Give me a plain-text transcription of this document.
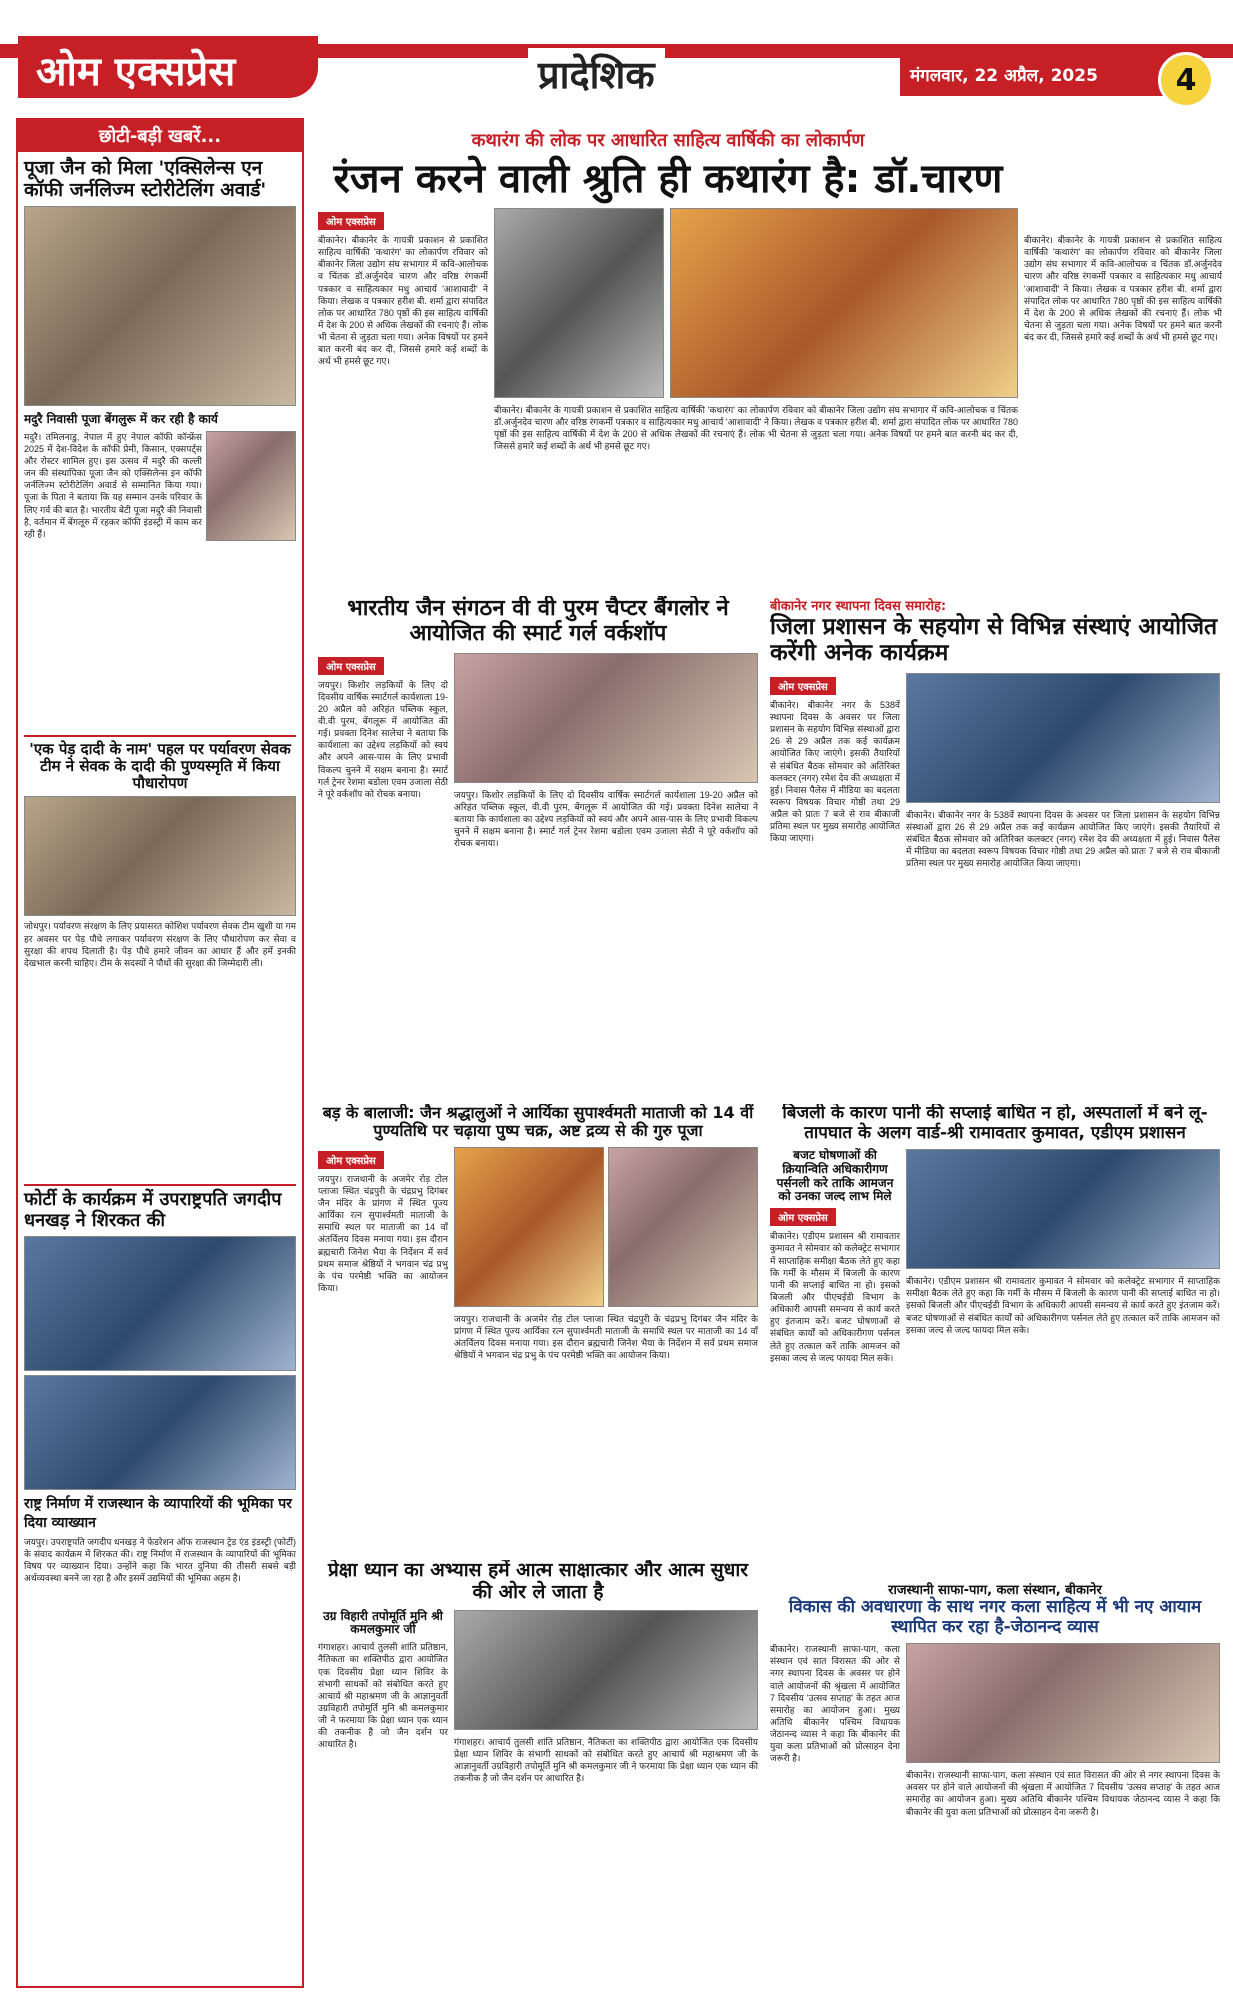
ओम एक्सप्रेस	प्रादेशिक	मंगलवार, 22 अप्रैल, 2025	4
छोटी-बड़ी खबरें...
पूजा जैन को मिला 'एक्सिलेन्स एन कॉफी जर्नलिज्म स्टोरीटेलिंग अवार्ड'
मदुरै निवासी पूजा बेंगलुरू में कर रही है कार्य
मदुरै। तमिलनाडु, नेपाल में हुए नेपाल कॉफी कॉन्फ्रेंस 2025 में देश-विदेश के कॉफी प्रेमी, किसान, एक्सपर्ट्स और रोस्टर शामिल हुए। इस उत्सव में मदुरै की कल्ली जन की संस्थापिका पूजा जैन को एक्सिलेन्स इन कॉफी जर्नलिज्म स्टोरीटेलिंग अवार्ड से सम्मानित किया गया। पूजा के पिता ने बताया कि यह सम्मान उनके परिवार के लिए गर्व की बात है। भारतीय बेटी पूजा मदुरै की निवासी है, वर्तमान में बेंगलूरु में रहकर कॉफी इंडस्ट्री में काम कर रही हैं।
'एक पेड़ दादी के नाम' पहल पर पर्यावरण सेवक टीम ने सेवक के दादी की पुण्यस्मृति में किया पौधारोपण
जोधपुर। पर्यावरण संरक्षण के लिए प्रयासरत कोशिश पर्यावरण सेवक टीम खुशी या गम हर अवसर पर पेड़ पौधे लगाकर पर्यावरण संरक्षण के लिए पौधारोपण कर सेवा व सुरक्षा की शपथ दिलाती है। पेड़ पौधे हमारे जीवन का आधार हैं और हमें इनकी देखभाल करनी चाहिए। टीम के सदस्यों ने पौधों की सुरक्षा की जिम्मेदारी ली।
फोर्टी के कार्यक्रम में उपराष्ट्रपति जगदीप धनखड़ ने शिरकत की
राष्ट्र निर्माण में राजस्थान के व्यापारियों की भूमिका पर दिया व्याख्यान
जयपुर। उपराष्ट्रपति जगदीप धनखड़ ने फेडरेशन ऑफ राजस्थान ट्रेड एंड इंडस्ट्री (फोर्टी) के संवाद कार्यक्रम में शिरकत की। राष्ट्र निर्माण में राजस्थान के व्यापारियों की भूमिका विषय पर व्याख्यान दिया। उन्होंने कहा कि भारत दुनिया की तीसरी सबसे बड़ी अर्थव्यवस्था बनने जा रहा है और इसमें उद्यमियों की भूमिका अहम है।
कथारंग की लोक पर आधारित साहित्य वार्षिकी का लोकार्पण
रंजन करने वाली श्रुति ही कथारंग है: डॉ.चारण
ओम एक्सप्रेस
बीकानेर। बीकानेर के गायत्री प्रकाशन से प्रकाशित साहित्य वार्षिकी 'कथारंग' का लोकार्पण रविवार को बीकानेर जिला उद्योग संघ सभागार में कवि-आलोचक व चिंतक डॉ.अर्जुनदेव चारण और वरिष्ठ रंगकर्मी पत्रकार व साहित्यकार मधु आचार्य 'आशावादी' ने किया। लेखक व पत्रकार हरीश बी. शर्मा द्वारा संपादित लोक पर आधारित 780 पृष्ठों की इस साहित्य वार्षिकी में देश के 200 से अधिक लेखकों की रचनाएं हैं। लोक भी चेतना से जुड़ता चला गया। अनेक विषयों पर हमने बात करनी बंद कर दी, जिससे हमारे कई शब्दों के अर्थ भी हमसे छूट गए।
बीकानेर। बीकानेर के गायत्री प्रकाशन से प्रकाशित साहित्य वार्षिकी 'कथारंग' का लोकार्पण रविवार को बीकानेर जिला उद्योग संघ सभागार में कवि-आलोचक व चिंतक डॉ.अर्जुनदेव चारण और वरिष्ठ रंगकर्मी पत्रकार व साहित्यकार मधु आचार्य 'आशावादी' ने किया। लेखक व पत्रकार हरीश बी. शर्मा द्वारा संपादित लोक पर आधारित 780 पृष्ठों की इस साहित्य वार्षिकी में देश के 200 से अधिक लेखकों की रचनाएं हैं। लोक भी चेतना से जुड़ता चला गया। अनेक विषयों पर हमने बात करनी बंद कर दी, जिससे हमारे कई शब्दों के अर्थ भी हमसे छूट गए।
बीकानेर। बीकानेर के गायत्री प्रकाशन से प्रकाशित साहित्य वार्षिकी 'कथारंग' का लोकार्पण रविवार को बीकानेर जिला उद्योग संघ सभागार में कवि-आलोचक व चिंतक डॉ.अर्जुनदेव चारण और वरिष्ठ रंगकर्मी पत्रकार व साहित्यकार मधु आचार्य 'आशावादी' ने किया। लेखक व पत्रकार हरीश बी. शर्मा द्वारा संपादित लोक पर आधारित 780 पृष्ठों की इस साहित्य वार्षिकी में देश के 200 से अधिक लेखकों की रचनाएं हैं। लोक भी चेतना से जुड़ता चला गया। अनेक विषयों पर हमने बात करनी बंद कर दी, जिससे हमारे कई शब्दों के अर्थ भी हमसे छूट गए।
भारतीय जैन संगठन वी वी पुरम चैप्टर बैंगलोर ने आयोजित की स्मार्ट गर्ल वर्कशॉप
ओम एक्सप्रेस
जयपुर। किशोर लड़कियों के लिए दो दिवसीय वार्षिक स्मार्टगर्ल कार्यशाला 19-20 अप्रैल को अरिहंत पब्लिक स्कूल, वी.वी पुरम, बेंगलूरू में आयोजित की गई। प्रवक्ता दिनेश सालेचा ने बताया कि कार्यशाला का उद्देश्य लड़कियों को स्वयं और अपने आस-पास के लिए प्रभावी विकल्प चुनने में सक्षम बनाना है। स्मार्ट गर्ल ट्रेनर रेशमा बडोला एवम उजाला सेठी ने पूरे वर्कशॉप को रोचक बनाया।	जयपुर। किशोर लड़कियों के लिए दो दिवसीय वार्षिक स्मार्टगर्ल कार्यशाला 19-20 अप्रैल को अरिहंत पब्लिक स्कूल, वी.वी पुरम, बेंगलूरू में आयोजित की गई। प्रवक्ता दिनेश सालेचा ने बताया कि कार्यशाला का उद्देश्य लड़कियों को स्वयं और अपने आस-पास के लिए प्रभावी विकल्प चुनने में सक्षम बनाना है। स्मार्ट गर्ल ट्रेनर रेशमा बडोला एवम उजाला सेठी ने पूरे वर्कशॉप को रोचक बनाया।
बीकानेर नगर स्थापना दिवस समारोह:
जिला प्रशासन के सहयोग से विभिन्न संस्थाएं आयोजित करेंगी अनेक कार्यक्रम
ओम एक्सप्रेस
बीकानेर। बीकानेर नगर के 538वें स्थापना दिवस के अवसर पर जिला प्रशासन के सहयोग विभिन्न संस्थाओं द्वारा 26 से 29 अप्रैल तक कई कार्यक्रम आयोजित किए जाएंगे। इसकी तैयारियों से संबंधित बैठक सोमवार को अतिरिक्त कलक्टर (नगर) रमेश देव की अध्यक्षता में हुई। निवास पैलेस में मीडिया का बदलता स्वरूप विषयक विचार गोष्ठी तथा 29 अप्रैल को प्रातः 7 बजे से राव बीकाजी प्रतिमा स्थल पर मुख्य समारोह आयोजित किया जाएगा।
बीकानेर। बीकानेर नगर के 538वें स्थापना दिवस के अवसर पर जिला प्रशासन के सहयोग विभिन्न संस्थाओं द्वारा 26 से 29 अप्रैल तक कई कार्यक्रम आयोजित किए जाएंगे। इसकी तैयारियों से संबंधित बैठक सोमवार को अतिरिक्त कलक्टर (नगर) रमेश देव की अध्यक्षता में हुई। निवास पैलेस में मीडिया का बदलता स्वरूप विषयक विचार गोष्ठी तथा 29 अप्रैल को प्रातः 7 बजे से राव बीकाजी प्रतिमा स्थल पर मुख्य समारोह आयोजित किया जाएगा।
बड़ के बालाजी: जैन श्रद्धालुओं ने आर्यिका सुपार्श्वमती माताजी को 14 वीं पुण्यतिथि पर चढ़ाया पुष्प चक्र, अष्ट द्रव्य से की गुरु पूजा
ओम एक्सप्रेस
जयपुर। राजधानी के अजमेर रोड़ टोल प्लाजा स्थित चंद्रपुरी के चंद्रप्रभु दिगंबर जैन मंदिर के प्रांगण में स्थित पूज्य आर्यिका रत्न सुपार्श्वमती माताजी के समाधि स्थल पर माताजी का 14 वाँ अंतर्विलय दिवस मनाया गया। इस दौरान ब्रह्मचारी जिनेश भैया के निर्देशन में सर्व प्रथम समाज श्रेष्ठियों ने भगवान चंद्र प्रभु के पंच परमेष्ठी भक्ति का आयोजन किया।
जयपुर। राजधानी के अजमेर रोड़ टोल प्लाजा स्थित चंद्रपुरी के चंद्रप्रभु दिगंबर जैन मंदिर के प्रांगण में स्थित पूज्य आर्यिका रत्न सुपार्श्वमती माताजी के समाधि स्थल पर माताजी का 14 वाँ अंतर्विलय दिवस मनाया गया। इस दौरान ब्रह्मचारी जिनेश भैया के निर्देशन में सर्व प्रथम समाज श्रेष्ठियों ने भगवान चंद्र प्रभु के पंच परमेष्ठी भक्ति का आयोजन किया।
बिजली के कारण पानी की सप्लाई बाधित न हो, अस्पतालों में बने लू-तापघात के अलग वार्ड-श्री रामावतार कुमावत, एडीएम प्रशासन
बजट घोषणाओं की क्रियान्विति अधिकारीगण पर्सनली करे ताकि आमजन को उनका जल्द लाभ मिले
ओम एक्सप्रेस
बीकानेर। एडीएम प्रशासन श्री रामावतार कुमावत ने सोमवार को कलेक्ट्रेट सभागार में साप्ताहिक समीक्षा बैठक लेते हुए कहा कि गर्मी के मौसम में बिजली के कारण पानी की सप्लाई बाधित ना हो। इसको बिजली और पीएचईडी विभाग के अधिकारी आपसी समन्वय से कार्य करते हुए इंतजाम करें। बजट घोषणाओं से संबंधित कार्यों को अधिकारीगण पर्सनल लेते हुए तत्काल करें ताकि आमजन को इसका जल्द से जल्द फायदा मिल सके।
बीकानेर। एडीएम प्रशासन श्री रामावतार कुमावत ने सोमवार को कलेक्ट्रेट सभागार में साप्ताहिक समीक्षा बैठक लेते हुए कहा कि गर्मी के मौसम में बिजली के कारण पानी की सप्लाई बाधित ना हो। इसको बिजली और पीएचईडी विभाग के अधिकारी आपसी समन्वय से कार्य करते हुए इंतजाम करें। बजट घोषणाओं से संबंधित कार्यों को अधिकारीगण पर्सनल लेते हुए तत्काल करें ताकि आमजन को इसका जल्द से जल्द फायदा मिल सके।
प्रेक्षा ध्यान का अभ्यास हमें आत्म साक्षात्कार और आत्म सुधार की ओर ले जाता है
उग्र विहारी तपोमूर्ति मुनि श्री कमलकुमार जी
गंगाशहर। आचार्य तुलसी शांति प्रतिष्ठान, नैतिकता का शक्तिपीठ द्वारा आयोजित एक दिवसीय प्रेक्षा ध्यान शिविर के संभागी साधकों को संबोधित करते हुए आचार्य श्री महाश्रमण जी के आज्ञानुवर्ती उग्रविहारी तपोमूर्ति मुनि श्री कमलकुमार जी ने फरमाया कि प्रेक्षा ध्यान एक ध्यान की तकनीक है जो जैन दर्शन पर आधारित है।	गंगाशहर। आचार्य तुलसी शांति प्रतिष्ठान, नैतिकता का शक्तिपीठ द्वारा आयोजित एक दिवसीय प्रेक्षा ध्यान शिविर के संभागी साधकों को संबोधित करते हुए आचार्य श्री महाश्रमण जी के आज्ञानुवर्ती उग्रविहारी तपोमूर्ति मुनि श्री कमलकुमार जी ने फरमाया कि प्रेक्षा ध्यान एक ध्यान की तकनीक है जो जैन दर्शन पर आधारित है।
राजस्थानी साफा-पाग, कला संस्थान, बीकानेर
विकास की अवधारणा के साथ नगर कला साहित्य में भी नए आयाम स्थापित कर रहा है-जेठानन्द व्यास
बीकानेर। राजस्थानी साफा-पाग, कला संस्थान एवं सात विरासत की ओर से नगर स्थापना दिवस के अवसर पर होने वाले आयोजनों की श्रृंखला में आयोजित 7 दिवसीय 'उत्सव सप्ताह' के तहत आज समारोह का आयोजन हुआ। मुख्य अतिथि बीकानेर पश्चिम विधायक जेठानन्द व्यास ने कहा कि बीकानेर की युवा कला प्रतिभाओं को प्रोत्साहन देना जरूरी है।
बीकानेर। राजस्थानी साफा-पाग, कला संस्थान एवं सात विरासत की ओर से नगर स्थापना दिवस के अवसर पर होने वाले आयोजनों की श्रृंखला में आयोजित 7 दिवसीय 'उत्सव सप्ताह' के तहत आज समारोह का आयोजन हुआ। मुख्य अतिथि बीकानेर पश्चिम विधायक जेठानन्द व्यास ने कहा कि बीकानेर की युवा कला प्रतिभाओं को प्रोत्साहन देना जरूरी है।
